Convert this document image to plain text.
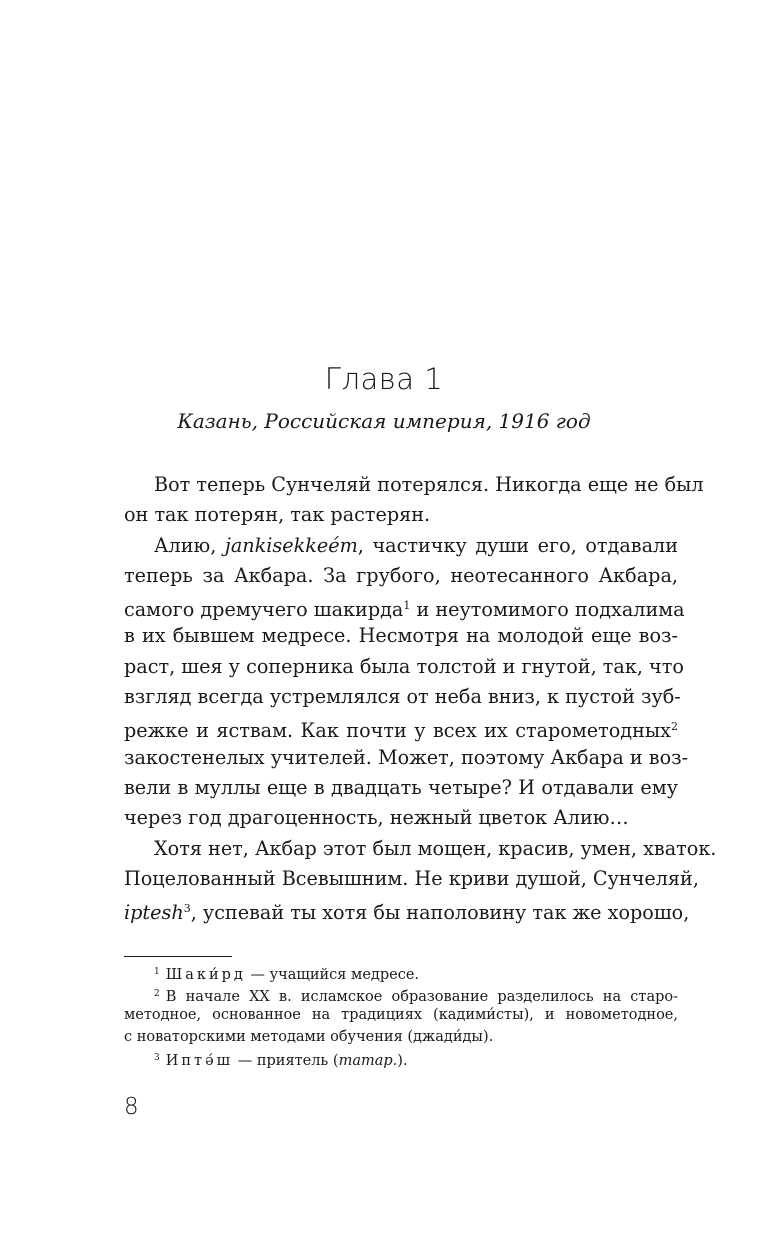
Глава 1

Казань, Российская империя, 1916 год

Вот теперь Сунчеляй потерялся. Никогда еще не был
он так потерян, так растерян.
Алию, jankisekkeém, частичку души его, отдавали
теперь за Акбара. За грубого, неотесанного Акбара,
самого дремучего шакирда$^1$ и неутомимого подхалима
в их бывшем медресе. Несмотря на молодой еще воз-
раст, шея у соперника была толстой и гнутой, так, что
взгляд всегда устремлялся от неба вниз, к пустой зуб-
режке и яствам. Как почти у всех их старометодных$^2$
закостенелых учителей. Может, поэтому Акбара и воз-
вели в муллы еще в двадцать четыре? И отдавали ему
через год драгоценность, нежный цветок Алию…
Хотя нет, Акбар этот был мощен, красив, умен, хваток.
Поцелованный Всевышним. Не криви душой, Сунчеляй,
iptesh$^3$, успевай ты хотя бы наполовину так же хорошо,
$^1$ Шаки́рд — учащийся медресе.
$^2$ В начале XX в. исламское образование разделилось на старо-
методное, основанное на традициях (кадими́сты), и новометодное,
с новаторскими методами обучения (джади́ды).
$^3$ Иптә́ш — приятель (татар.).
8
